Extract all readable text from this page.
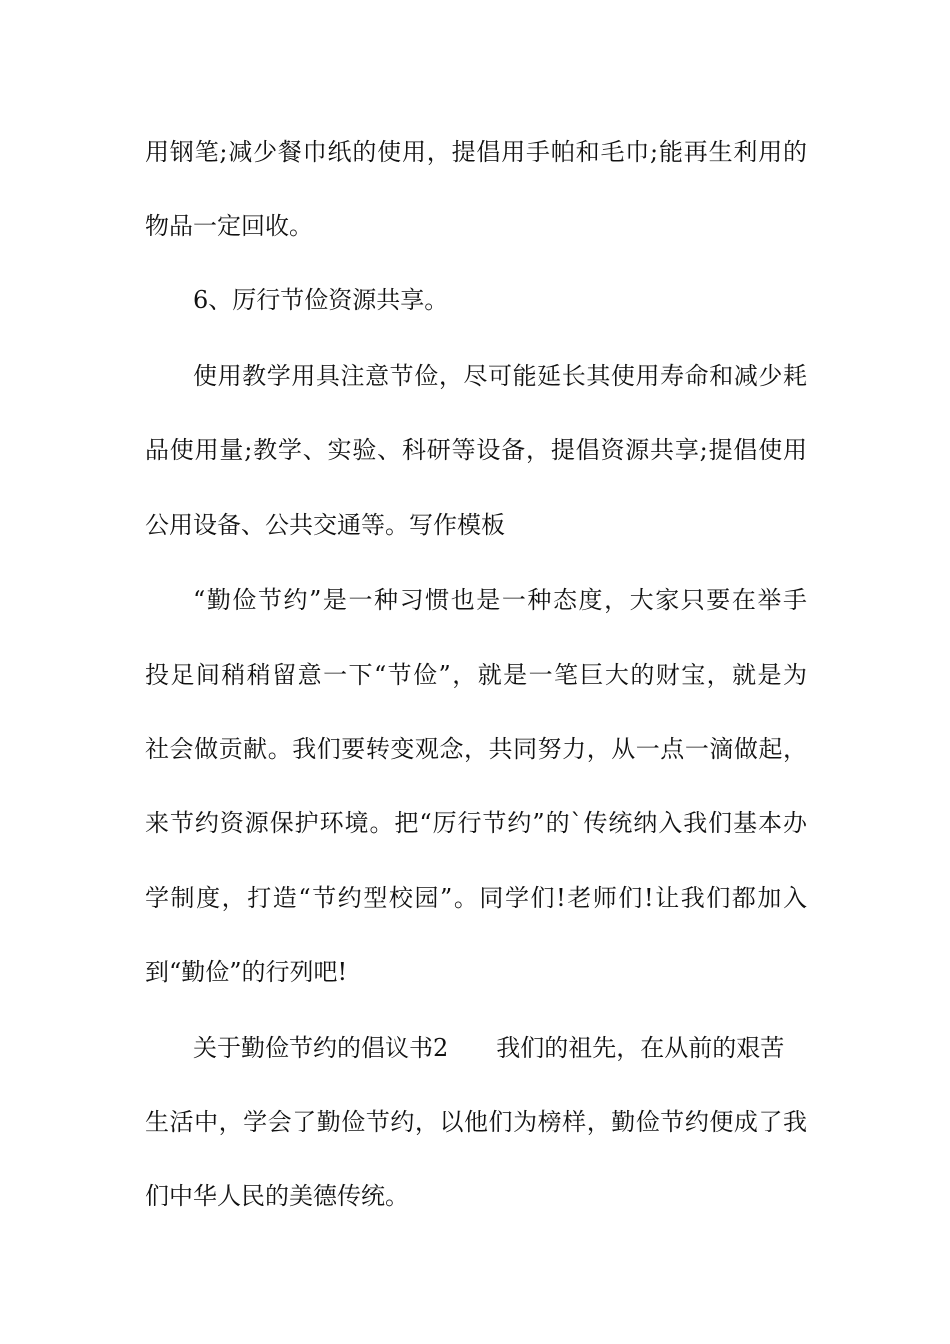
用钢笔;减少餐巾纸的使用，提倡用手帕和毛巾;能再生利用的
物品一定回收。
6、厉行节俭资源共享。
使用教学用具注意节俭，尽可能延长其使用寿命和减少耗
品使用量;教学、实验、科研等设备，提倡资源共享;提倡使用
公用设备、公共交通等。写作模板
“勤俭节约”是一种习惯也是一种态度，大家只要在举手
投足间稍稍留意一下“节俭”，就是一笔巨大的财宝，就是为
社会做贡献。我们要转变观念，共同努力，从一点一滴做起，
来节约资源保护环境。把“厉行节约”的`传统纳入我们基本办
学制度，打造“节约型校园”。同学们!老师们!让我们都加入
到“勤俭”的行列吧!
关于勤俭节约的倡议书2 我们的祖先，在从前的艰苦
生活中，学会了勤俭节约，以他们为榜样，勤俭节约便成了我
们中华人民的美德传统。
